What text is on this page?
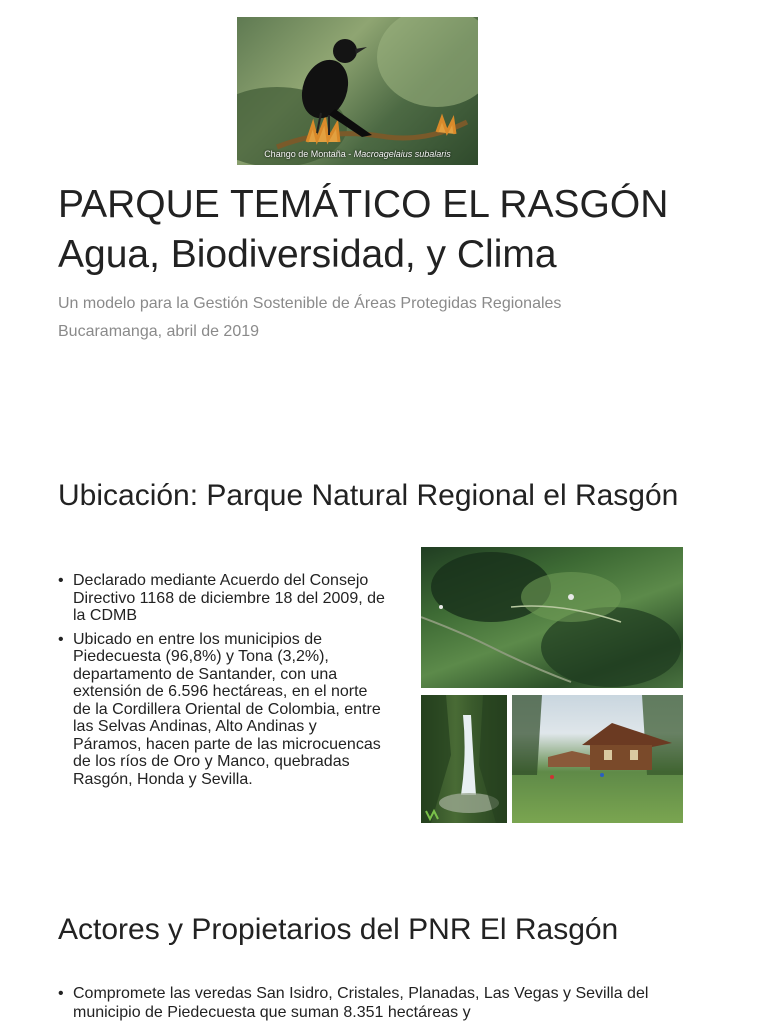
Chango de Montaña - Macroagelaius subalaris
PARQUE TEMÁTICO EL RASGÓN
Agua, Biodiversidad, y Clima

Un modelo para la Gestión Sostenible de Áreas Protegidas Regionales
Bucaramanga, abril de 2019

Ubicación: Parque Natural Regional el Rasgón
• Declarado mediante Acuerdo del Consejo Directivo 1168 de diciembre 18 del 2009, de la CDMB
• Ubicado en entre los municipios de Piedecuesta (96,8%) y Tona (3,2%), departamento de Santander, con una extensión de 6.596 hectáreas, en el norte de la Cordillera Oriental de Colombia, entre las Selvas Andinas, Alto Andinas y Páramos, hacen parte de las microcuencas de los ríos de Oro y Manco, quebradas Rasgón, Honda y Sevilla.
Actores y Propietarios del PNR El Rasgón
• Compromete las veredas San Isidro, Cristales, Planadas, Las Vegas y Sevilla del municipio de Piedecuesta que suman 8.351 hectáreas y
